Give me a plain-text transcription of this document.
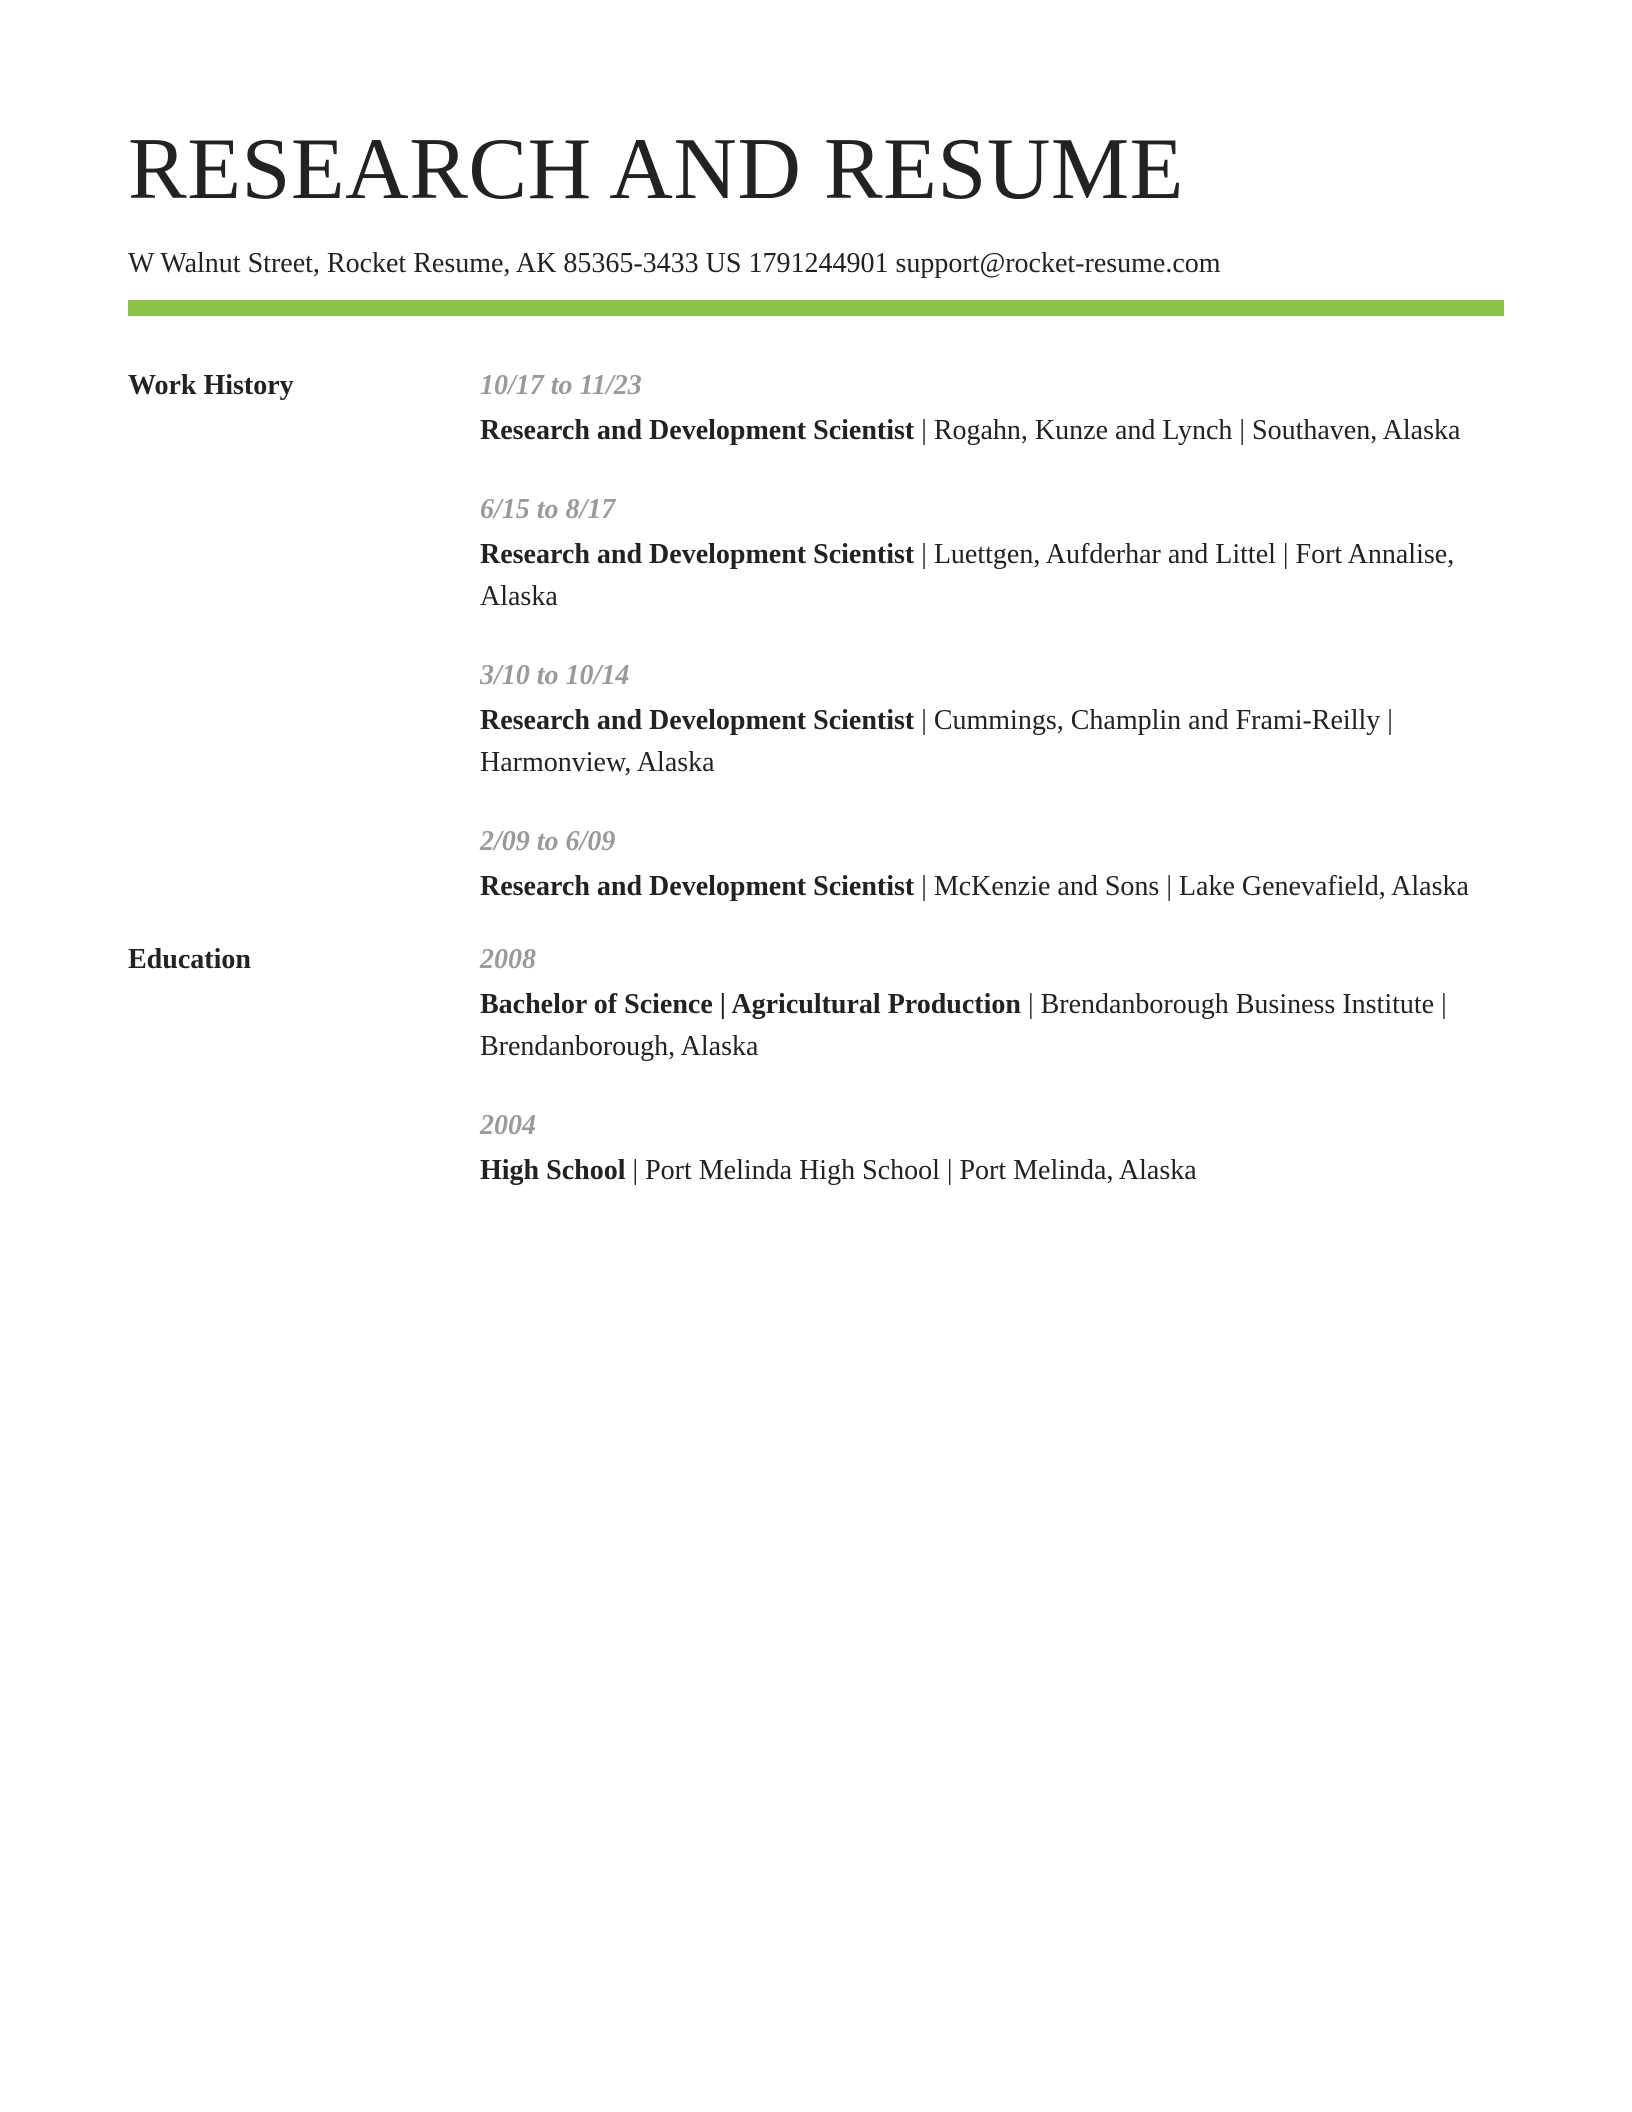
RESEARCH AND RESUME
W Walnut Street, Rocket Resume, AK 85365-3433 US 1791244901 support@rocket-resume.com
Work History	10/17 to 11/23
Research and Development Scientist | Rogahn, Kunze and Lynch | Southaven, Alaska
6/15 to 8/17
Research and Development Scientist | Luettgen, Aufderhar and Littel | Fort Annalise, Alaska
3/10 to 10/14
Research and Development Scientist | Cummings, Champlin and Frami-Reilly | Harmonview, Alaska
2/09 to 6/09
Research and Development Scientist | McKenzie and Sons | Lake Genevafield, Alaska
Education	2008
Bachelor of Science | Agricultural Production | Brendanborough Business Institute | Brendanborough, Alaska
2004
High School | Port Melinda High School | Port Melinda, Alaska
